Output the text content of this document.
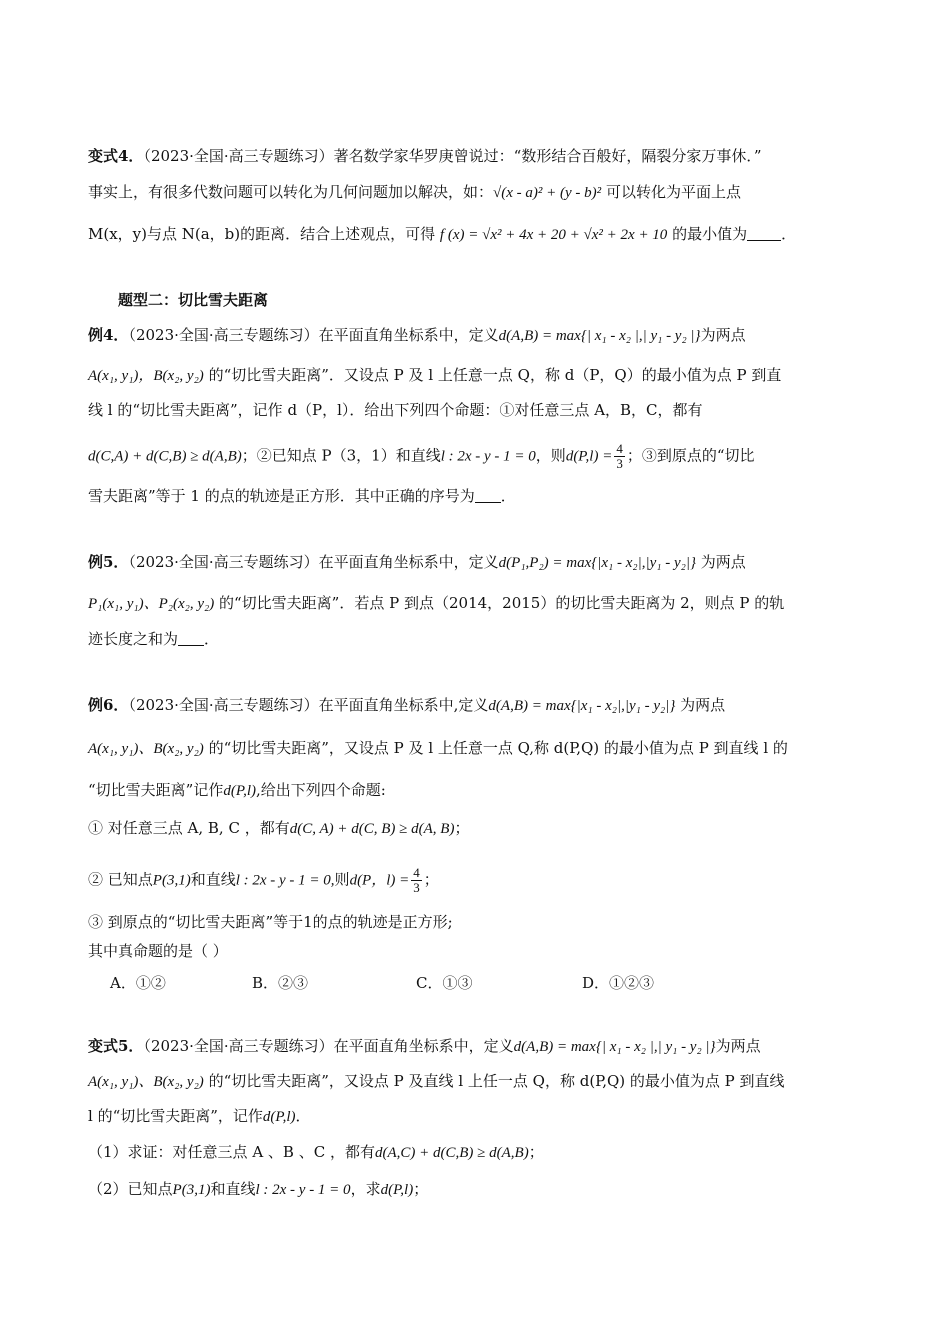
变式4．（2023·全国·高三专题练习）著名数学家华罗庚曾说过：“数形结合百般好，隔裂分家万事休．”
事实上，有很多代数问题可以转化为几何问题加以解决，如：√(x - a)² + (y - b)² 可以转化为平面上点
M(x，y)与点 N(a，b)的距离．结合上述观点，可得 f (x) = √x² + 4x + 20 + √x² + 2x + 10 的最小值为 ．
题型二：切比雪夫距离
例4．（2023·全国·高三专题练习）在平面直角坐标系中，定义d(A,B) = max{| x₁ - x₂ |,| y₁ - y₂ |}为两点
A(x₁, y₁)，B(x₂, y₂) 的“切比雪夫距离”．又设点 P 及 l 上任意一点 Q，称 d（P，Q）的最小值为点 P 到直
线 l 的“切比雪夫距离”，记作 d（P，l）．给出下列四个命题：①对任意三点 A，B，C，都有
d(C,A) + d(C,B) ≥ d(A,B)；②已知点 P（3，1）和直线l : 2x - y - 1 = 0，则$d(P,l) = \frac{4}{3}$ ；③到原点的“切比
雪夫距离”等于 1 的点的轨迹是正方形．其中正确的序号为 ．
例5．（2023·全国·高三专题练习）在平面直角坐标系中，定义d(P₁,P₂) = max{|x₁ - x₂|,|y₁ - y₂|} 为两点
P₁(x₁, y₁)、P₂(x₂, y₂) 的“切比雪夫距离”．若点 P 到点（2014，2015）的切比雪夫距离为 2，则点 P 的轨
迹长度之和为 ．
例6．（2023·全国·高三专题练习）在平面直角坐标系中,定义d(A,B) = max{|x₁ - x₂|,|y₁ - y₂|} 为两点
A(x₁, y₁)、B(x₂, y₂) 的“切比雪夫距离”，又设点 P 及 l 上任意一点 Q,称 d(P,Q) 的最小值为点 P 到直线 l 的
“切比雪夫距离”记作d(P,l),给出下列四个命题:
① 对任意三点 A, B, C ，都有d(C, A) + d(C, B) ≥ d(A, B)；
② 已知点P(3,1)和直线l : 2x - y - 1 = 0,则d(P，$l) = \frac{4}{3}$ ；
③ 到原点的“切比雪夫距离”等于1的点的轨迹是正方形;
其中真命题的是（ ）
A．①②	B．②③	C．①③	D．①②③
变式5．（2023·全国·高三专题练习）在平面直角坐标系中，定义d(A,B) = max{| x₁ - x₂ |,| y₁ - y₂ |}为两点
A(x₁, y₁)、B(x₂, y₂) 的“切比雪夫距离”，又设点 P 及直线 l 上任一点 Q，称 d(P,Q) 的最小值为点 P 到直线
l 的“切比雪夫距离”，记作d(P,l)．
（1）求证：对任意三点 A 、B 、C ，都有d(A,C) + d(C,B) ≥ d(A,B)；
（2）已知点P(3,1)和直线l : 2x - y - 1 = 0，求d(P,l)；
